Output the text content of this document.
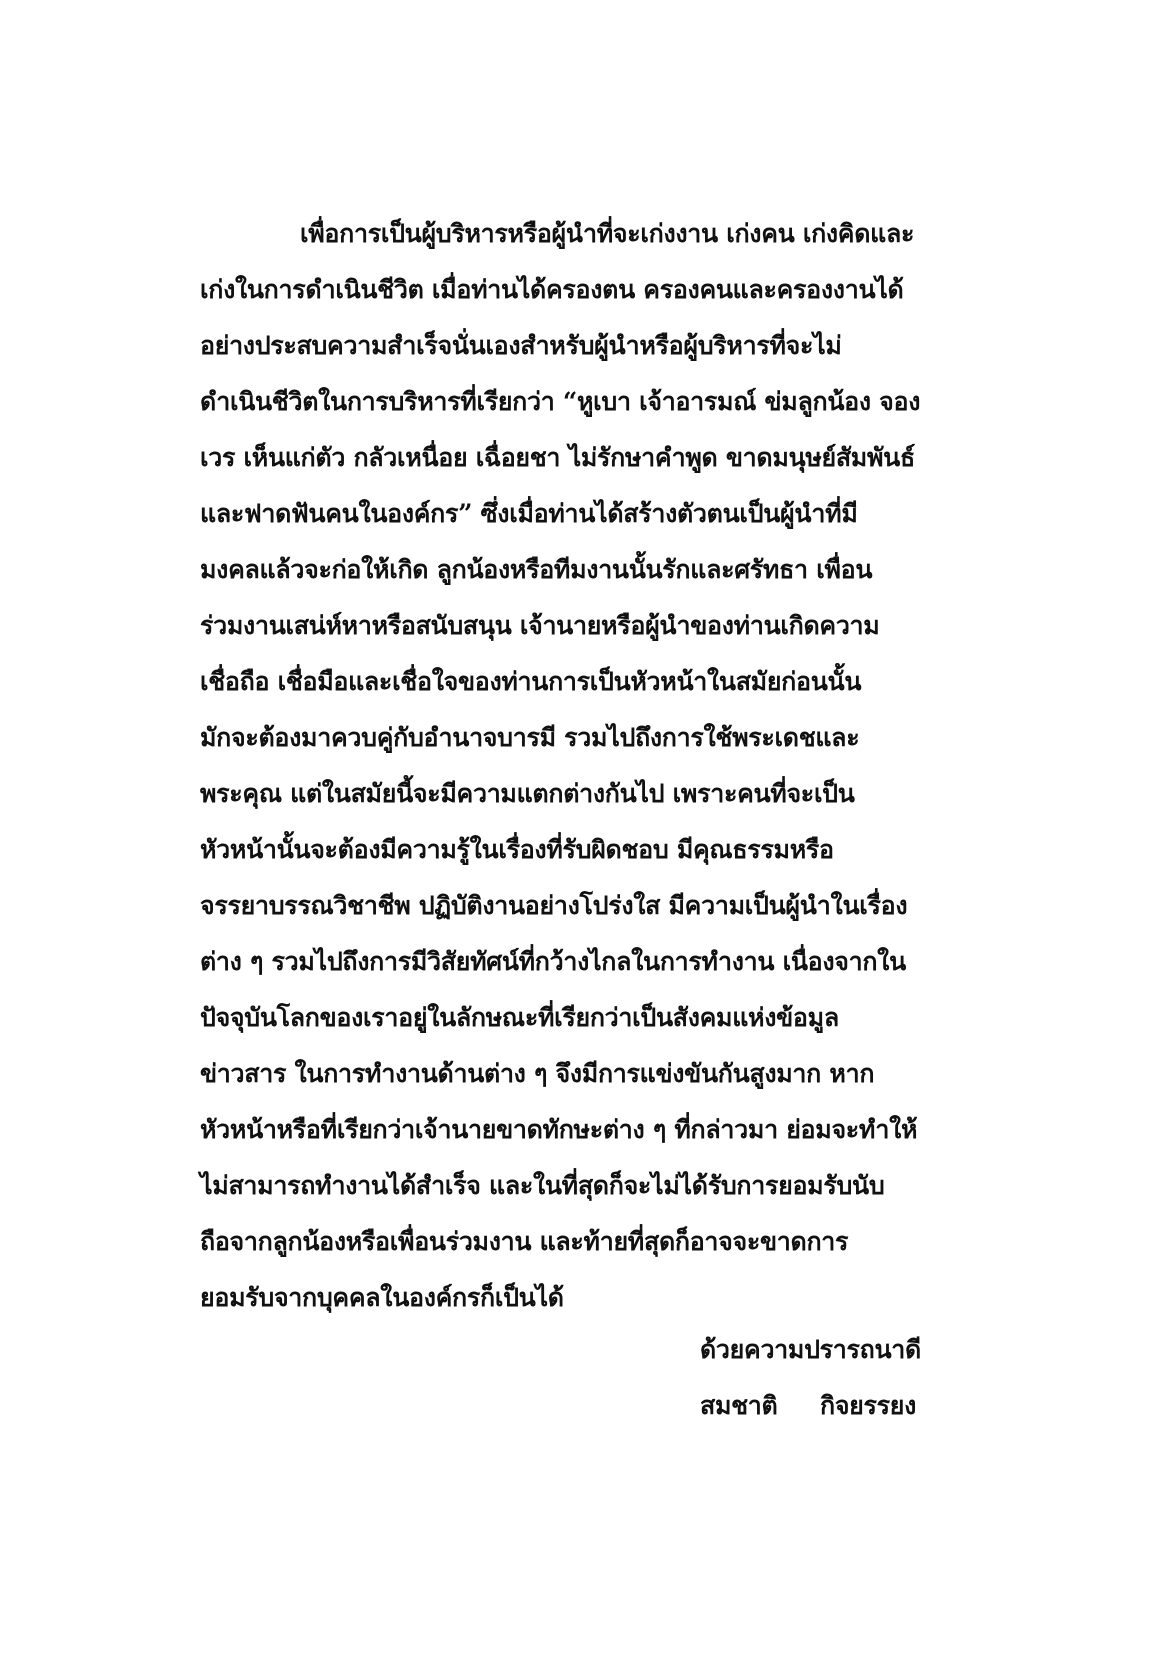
เพื่อการเป็นผู้บริหารหรือผู้นำที่จะเก่งงาน เก่งคน เก่งคิดและ
เก่งในการดำเนินชีวิต เมื่อท่านได้ครองตน ครองคนและครองงานได้
อย่างประสบความสำเร็จนั่นเองสำหรับผู้นำหรือผู้บริหารที่จะไม่
ดำเนินชีวิตในการบริหารที่เรียกว่า “หูเบา เจ้าอารมณ์ ข่มลูกน้อง จอง
เวร เห็นแก่ตัว กลัวเหนื่อย เฉื่อยชา ไม่รักษาคำพูด ขาดมนุษย์สัมพันธ์
และฟาดฟันคนในองค์กร” ซึ่งเมื่อท่านได้สร้างตัวตนเป็นผู้นำที่มี
มงคลแล้วจะก่อให้เกิด ลูกน้องหรือทีมงานนั้นรักและศรัทธา เพื่อน
ร่วมงานเสน่ห์หาหรือสนับสนุน เจ้านายหรือผู้นำของท่านเกิดความ
เชื่อถือ เชื่อมือและเชื่อใจของท่านการเป็นหัวหน้าในสมัยก่อนนั้น
มักจะต้องมาควบคู่กับอำนาจบารมี รวมไปถึงการใช้พระเดชและ
พระคุณ แต่ในสมัยนี้จะมีความแตกต่างกันไป เพราะคนที่จะเป็น
หัวหน้านั้นจะต้องมีความรู้ในเรื่องที่รับผิดชอบ มีคุณธรรมหรือ
จรรยาบรรณวิชาชีพ ปฏิบัติงานอย่างโปร่งใส มีความเป็นผู้นำในเรื่อง
ต่าง ๆ รวมไปถึงการมีวิสัยทัศน์ที่กว้างไกลในการทำงาน เนื่องจากใน
ปัจจุบันโลกของเราอยู่ในลักษณะที่เรียกว่าเป็นสังคมแห่งข้อมูล
ข่าวสาร ในการทำงานด้านต่าง ๆ จึงมีการแข่งขันกันสูงมาก หาก
หัวหน้าหรือที่เรียกว่าเจ้านายขาดทักษะต่าง ๆ ที่กล่าวมา ย่อมจะทำให้
ไม่สามารถทำงานได้สำเร็จ และในที่สุดก็จะไม่ได้รับการยอมรับนับ
ถือจากลูกน้องหรือเพื่อนร่วมงาน และท้ายที่สุดก็อาจจะขาดการ
ยอมรับจากบุคคลในองค์กรก็เป็นได้
ด้วยความปรารถนาดี
สมชาติ กิจยรรยง
